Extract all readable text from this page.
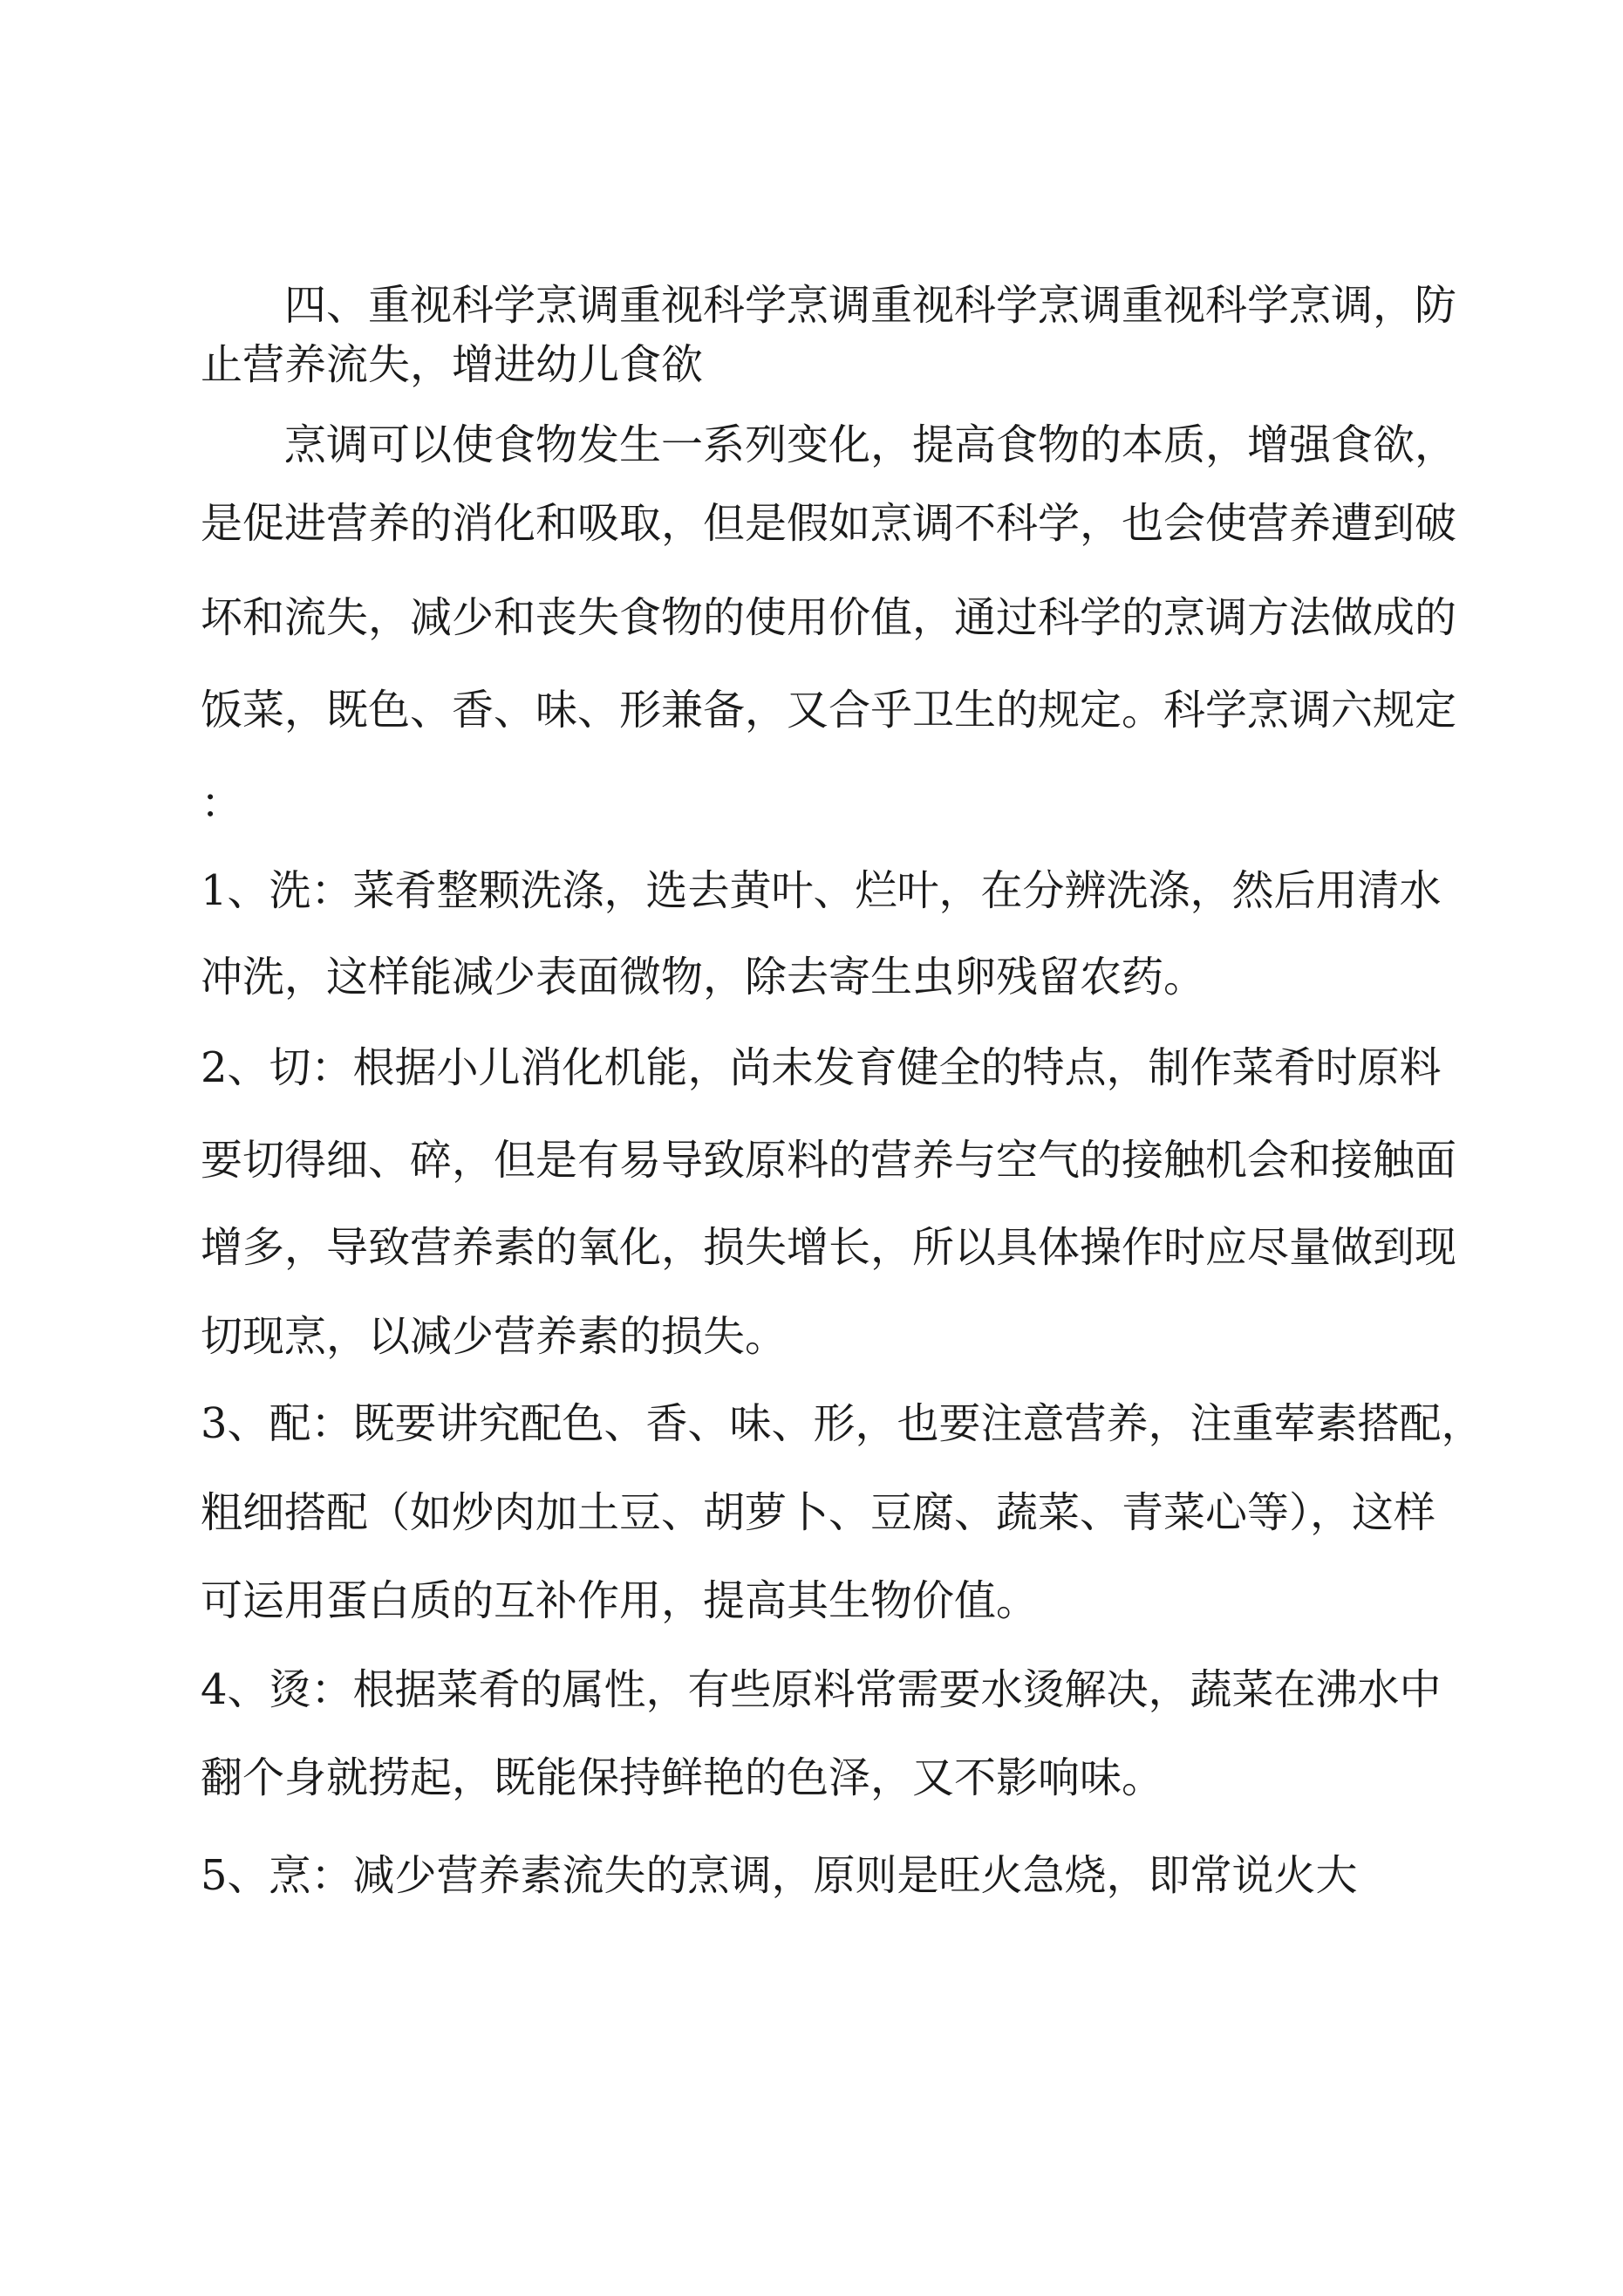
　　四、重视科学烹调重视科学烹调重视科学烹调重视科学烹调，防

止营养流失，增进幼儿食欲

　　烹调可以使食物发生一系列变化，提高食物的本质，增强食欲，

是促进营养的消化和吸取，但是假如烹调不科学，也会使营养遭到破

坏和流失，减少和丧失食物的使用价值，通过科学的烹调方法做成的

饭菜，既色、香、味、形兼备，又合乎卫生的规定。科学烹调六规定

：

1、洗：菜肴整颗洗涤，选去黄叶、烂叶，在分辨洗涤，然后用清水

冲洗，这样能减少表面微物，除去寄生虫卵残留农药。

2、切：根据小儿消化机能，尚未发育健全的特点，制作菜肴时原料

要切得细、碎，但是有易导致原料的营养与空气的接触机会和接触面

增多，导致营养素的氧化，损失增长，所以具体操作时应尽量做到现

切现烹，以减少营养素的损失。

3、配：既要讲究配色、香、味、形，也要注意营养，注重荤素搭配，

粗细搭配（如炒肉加土豆、胡萝卜、豆腐、蔬菜、青菜心等），这样

可运用蛋白质的互补作用，提高其生物价值。

4、烫：根据菜肴的属性，有些原料常需要水烫解决，蔬菜在沸水中

翻个身就捞起，既能保持鲜艳的色泽，又不影响味。

5、烹：减少营养素流失的烹调，原则是旺火急烧，即常说火大
